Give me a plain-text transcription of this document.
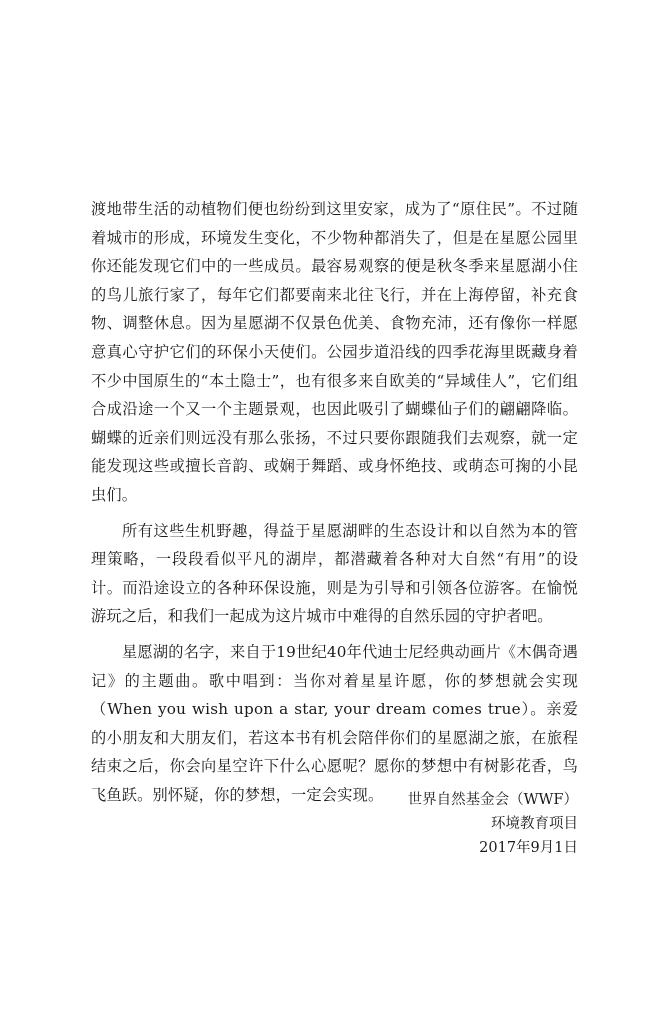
渡地带生活的动植物们便也纷纷到这里安家，成为了“原住民”。不过随着城市的形成，环境发生变化，不少物种都消失了，但是在星愿公园里你还能发现它们中的一些成员。最容易观察的便是秋冬季来星愿湖小住的鸟儿旅行家了，每年它们都要南来北往飞行，并在上海停留，补充食物、调整休息。因为星愿湖不仅景色优美、食物充沛，还有像你一样愿意真心守护它们的环保小天使们。公园步道沿线的四季花海里既藏身着不少中国原生的“本土隐士”，也有很多来自欧美的“异域佳人”，它们组合成沿途一个又一个主题景观，也因此吸引了蝴蝶仙子们的翩翩降临。蝴蝶的近亲们则远没有那么张扬，不过只要你跟随我们去观察，就一定能发现这些或擅长音韵、或娴于舞蹈、或身怀绝技、或萌态可掬的小昆虫们。

所有这些生机野趣，得益于星愿湖畔的生态设计和以自然为本的管理策略，一段段看似平凡的湖岸，都潜藏着各种对大自然“有用”的设计。而沿途设立的各种环保设施，则是为引导和引领各位游客。在愉悦游玩之后，和我们一起成为这片城市中难得的自然乐园的守护者吧。

星愿湖的名字，来自于19世纪40年代迪士尼经典动画片《木偶奇遇记》的主题曲。歌中唱到：当你对着星星许愿，你的梦想就会实现（When you wish upon a star, your dream comes true）。亲爱的小朋友和大朋友们，若这本书有机会陪伴你们的星愿湖之旅，在旅程结束之后，你会向星空许下什么心愿呢？愿你的梦想中有树影花香，鸟飞鱼跃。别怀疑，你的梦想，一定会实现。	世界自然基金会（WWF）
环境教育项目
2017年9月1日
